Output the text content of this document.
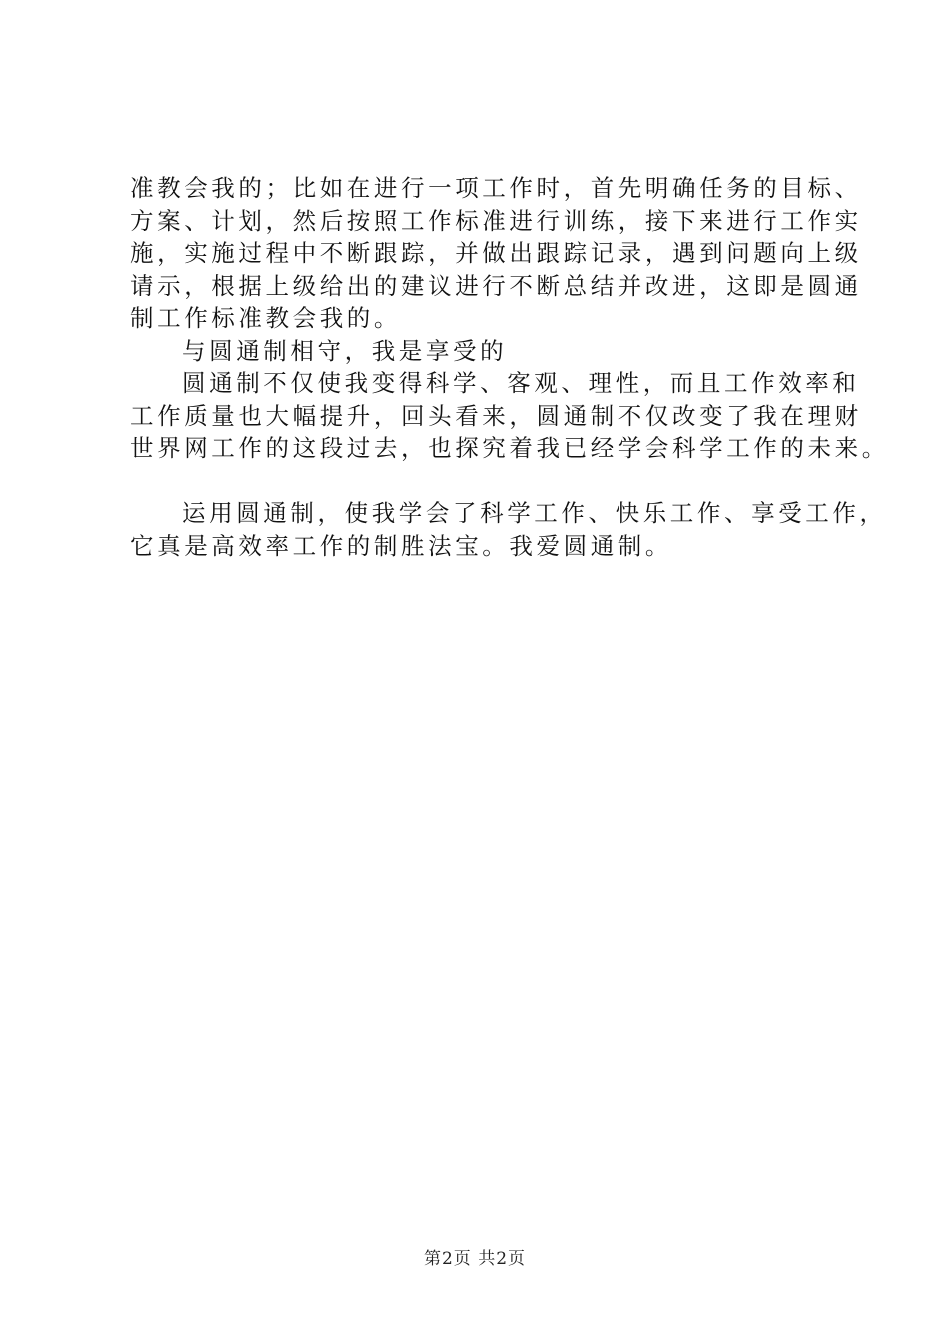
准教会我的；比如在进行一项工作时，首先明确任务的目标、
方案、计划，然后按照工作标准进行训练，接下来进行工作实
施，实施过程中不断跟踪，并做出跟踪记录，遇到问题向上级
请示，根据上级给出的建议进行不断总结并改进，这即是圆通
制工作标准教会我的。
与圆通制相守，我是享受的
圆通制不仅使我变得科学、客观、理性，而且工作效率和
工作质量也大幅提升，回头看来，圆通制不仅改变了我在理财
世界网工作的这段过去，也探究着我已经学会科学工作的未来。
运用圆通制，使我学会了科学工作、快乐工作、享受工作，
它真是高效率工作的制胜法宝。我爱圆通制。
第2页 共2页
